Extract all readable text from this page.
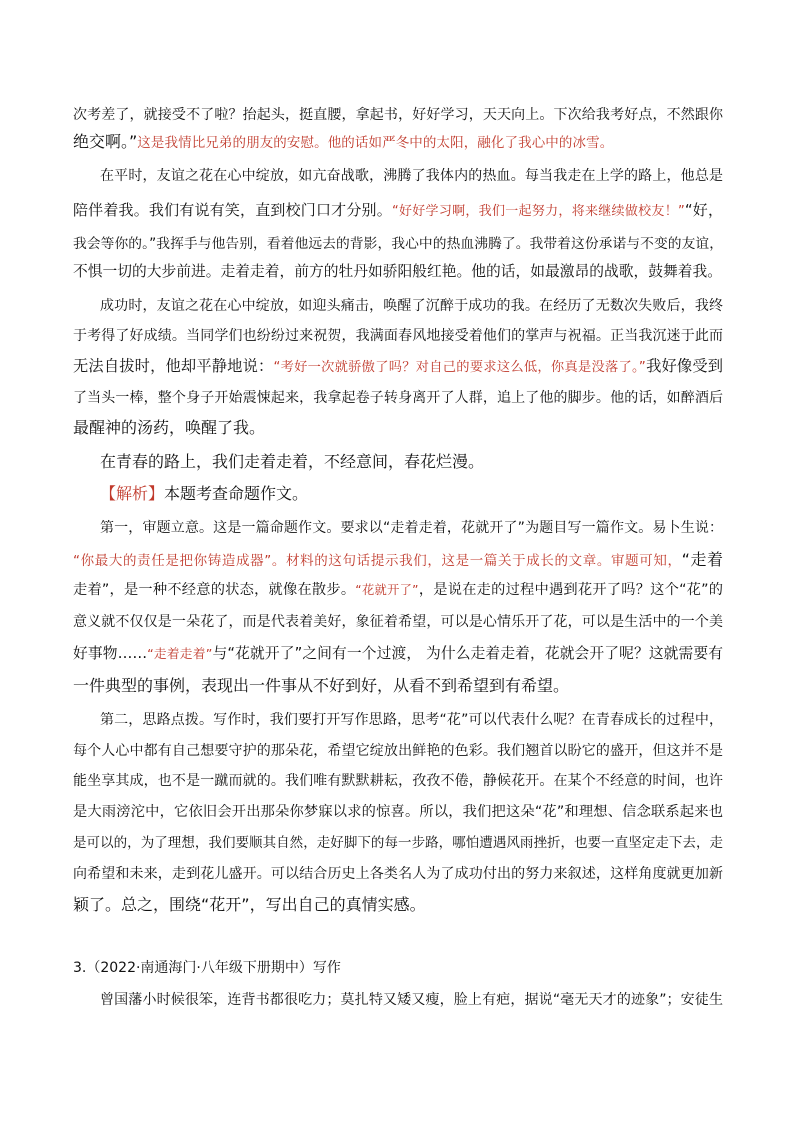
次考差了，就接受不了啦？抬起头，挺直腰，拿起书，好好学习，天天向上。下次给我考好点，不然跟你
绝交啊。”这是我情比兄弟的朋友的安慰。他的话如严冬中的太阳，融化了我心中的冰雪。
在平时，友谊之花在心中绽放，如亢奋战歌，沸腾了我体内的热血。每当我走在上学的路上，他总是
陪伴着我。我们有说有笑，直到校门口才分别。“好好学习啊，我们一起努力，将来继续做校友！”“好，
我会等你的。”我挥手与他告别，看着他远去的背影，我心中的热血沸腾了。我带着这份承诺与不变的友谊，
不惧一切的大步前进。走着走着，前方的牡丹如骄阳般红艳。他的话，如最激昂的战歌，鼓舞着我。
成功时，友谊之花在心中绽放，如迎头痛击，唤醒了沉醉于成功的我。在经历了无数次失败后，我终
于考得了好成绩。当同学们也纷纷过来祝贺，我满面春风地接受着他们的掌声与祝福。正当我沉迷于此而
无法自拔时，他却平静地说：“考好一次就骄傲了吗？对自己的要求这么低，你真是没落了。”我好像受到
了当头一棒，整个身子开始震悚起来，我拿起卷子转身离开了人群，追上了他的脚步。他的话，如醉酒后
最醒神的汤药，唤醒了我。
在青春的路上，我们走着走着，不经意间，春花烂漫。
【解析】本题考查命题作文。
第一，审题立意。这是一篇命题作文。要求以“走着走着，花就开了”为题目写一篇作文。易卜生说：
“你最大的责任是把你铸造成器”。材料的这句话提示我们，这是一篇关于成长的文章。审题可知，“走着
走着”，是一种不经意的状态，就像在散步。“花就开了”，是说在走的过程中遇到花开了吗？这个“花”的
意义就不仅仅是一朵花了，而是代表着美好，象征着希望，可以是心情乐开了花，可以是生活中的一个美
好事物……“走着走着”与“花就开了”之间有一个过渡， 为什么走着走着，花就会开了呢？这就需要有
一件典型的事例，表现出一件事从不好到好，从看不到希望到有希望。
第二，思路点拨。写作时，我们要打开写作思路，思考“花”可以代表什么呢？在青春成长的过程中，
每个人心中都有自己想要守护的那朵花，希望它绽放出鲜艳的色彩。我们翘首以盼它的盛开，但这并不是
能坐享其成，也不是一蹴而就的。我们唯有默默耕耘，孜孜不倦，静候花开。在某个不经意的时间，也许
是大雨滂沱中，它依旧会开出那朵你梦寐以求的惊喜。所以，我们把这朵“花”和理想、信念联系起来也
是可以的，为了理想，我们要顺其自然，走好脚下的每一步路，哪怕遭遇风雨挫折，也要一直坚定走下去，走
向希望和未来，走到花儿盛开。可以结合历史上各类名人为了成功付出的努力来叙述，这样角度就更加新
颖了。总之，围绕“花开”，写出自己的真情实感。
3.（2022·南通海门·八年级下册期中）写作
曾国藩小时候很笨，连背书都很吃力；莫扎特又矮又瘦，脸上有疤，据说“毫无天才的迹象”；安徒生
